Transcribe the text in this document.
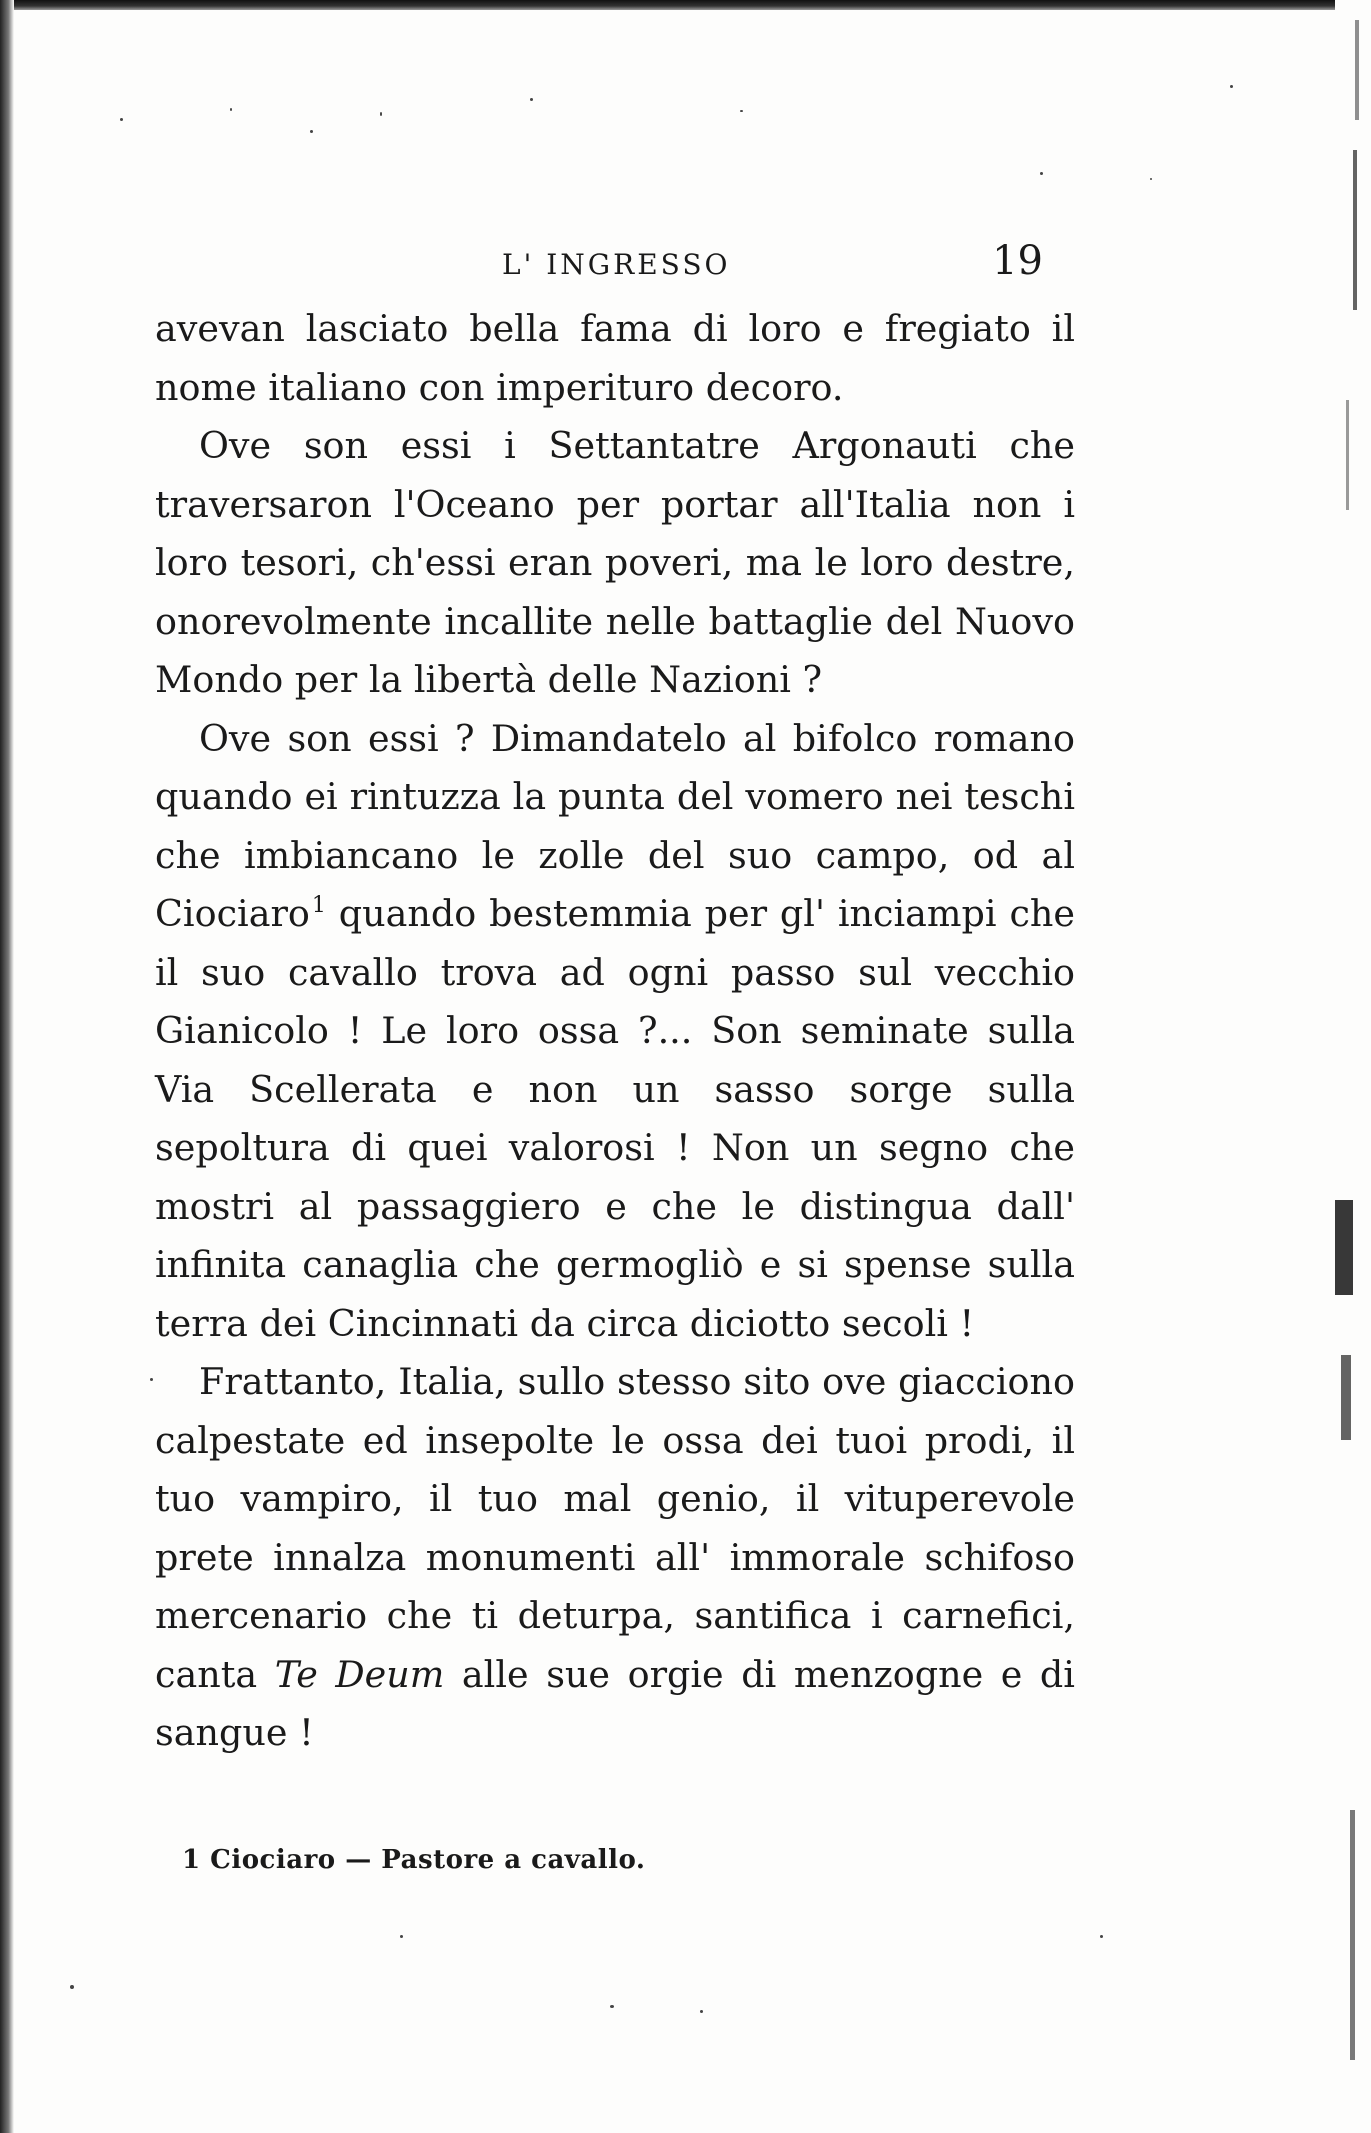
L' INGRESSO	19

avevan lasciato bella fama di loro e fregiato il nome italiano con imperituro decoro.

Ove son essi i Settantatre Argonauti che traversaron l'Oceano per portar all'Italia non i loro tesori, ch'essi eran poveri, ma le loro destre, onorevolmente incallite nelle battaglie del Nuovo Mondo per la libertà delle Nazioni ?

Ove son essi ? Dimandatelo al bifolco romano quando ei rintuzza la punta del vomero nei teschi che imbiancano le zolle del suo campo, od al Ciociaro$^1$ quando bestemmia per gl' inciampi che il suo cavallo trova ad ogni passo sul vecchio Gianicolo ! Le loro ossa ?... Son seminate sulla Via Scellerata e non un sasso sorge sulla sepoltura di quei valorosi ! Non un segno che mostri al passaggiero e che le distingua dall' infinita canaglia che germogliò e si spense sulla terra dei Cincinnati da circa diciotto secoli !

Frattanto, Italia, sullo stesso sito ove giacciono calpestate ed insepolte le ossa dei tuoi prodi, il tuo vampiro, il tuo mal genio, il vituperevole prete innalza monumenti all' immorale schifoso mercenario che ti deturpa, santifica i carnefici, canta Te Deum alle sue orgie di menzogne e di sangue !

1 Ciociaro — Pastore a cavallo.
